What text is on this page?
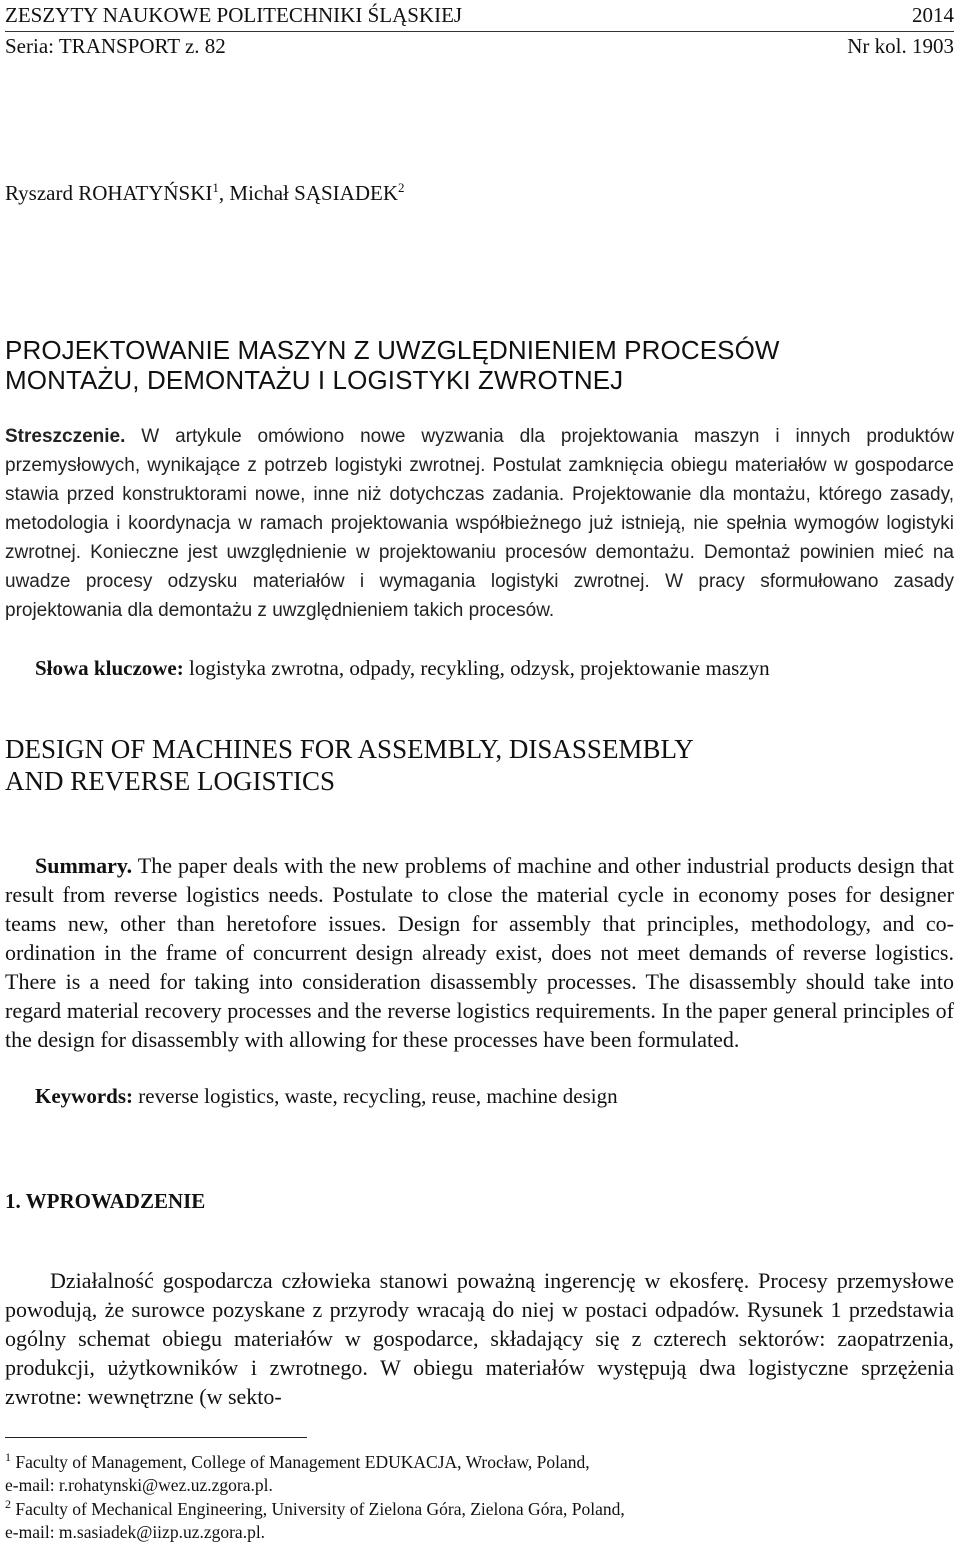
ZESZYTY NAUKOWE POLITECHNIKI ŚLĄSKIEJ	2014
Seria: TRANSPORT z. 82	Nr kol. 1903
Ryszard ROHATYŃSKI$^1$, Michał SĄSIADEK$^2$
PROJEKTOWANIE MASZYN Z UWZGLĘDNIENIEM PROCESÓW
MONTAŻU, DEMONTAŻU I LOGISTYKI ZWROTNEJ

Streszczenie. W artykule omówiono nowe wyzwania dla projektowania maszyn i innych produktów przemysłowych, wynikające z potrzeb logistyki zwrotnej. Postulat zamknięcia obiegu materiałów w gospodarce stawia przed konstruktorami nowe, inne niż dotychczas zadania. Projektowanie dla montażu, którego zasady, metodologia i koordynacja w ramach projektowania współbieżnego już istnieją, nie spełnia wymogów logistyki zwrotnej. Konieczne jest uwzględnienie w projektowaniu procesów demontażu. Demontaż powinien mieć na uwadze procesy odzysku materiałów i wymagania logistyki zwrotnej. W pracy sformułowano zasady projektowania dla demontażu z uwzględnieniem takich procesów.

Słowa kluczowe: logistyka zwrotna, odpady, recykling, odzysk, projektowanie maszyn

DESIGN OF MACHINES FOR ASSEMBLY, DISASSEMBLY
AND REVERSE LOGISTICS

Summary. The paper deals with the new problems of machine and other industrial products design that result from reverse logistics needs. Postulate to close the material cycle in economy poses for designer teams new, other than heretofore issues. Design for assembly that principles, methodology, and co-ordination in the frame of concurrent design already exist, does not meet demands of reverse logistics. There is a need for taking into consideration disassembly processes. The disassembly should take into regard material recovery processes and the reverse logistics requirements. In the paper general principles of the design for disassembly with allowing for these processes have been formulated.

Keywords: reverse logistics, waste, recycling, reuse, machine design

1. WPROWADZENIE

Działalność gospodarcza człowieka stanowi poważną ingerencję w ekosferę. Procesy przemysłowe powodują, że surowce pozyskane z przyrody wracają do niej w postaci odpadów. Rysunek 1 przedstawia ogólny schemat obiegu materiałów w gospodarce, składający się z czterech sektorów: zaopatrzenia, produkcji, użytkowników i zwrotnego. W obiegu materiałów występują dwa logistyczne sprzężenia zwrotne: wewnętrzne (w sekto-

$^1$ Faculty of Management, College of Management EDUKACJA, Wrocław, Poland,
e-mail: r.rohatynski@wez.uz.zgora.pl.
$^2$ Faculty of Mechanical Engineering, University of Zielona Góra, Zielona Góra, Poland,
e-mail: m.sasiadek@iizp.uz.zgora.pl.
